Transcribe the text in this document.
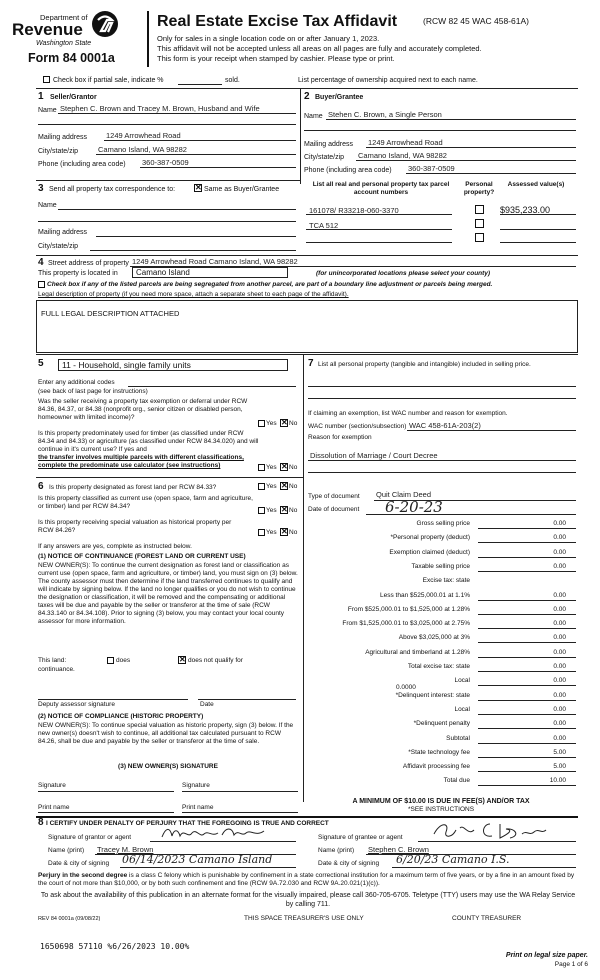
Department of
Revenue
Washington State
Form 84 0001a
Real Estate Excise Tax Affidavit	(RCW 82 45 WAC 458-61A)
Only for sales in a single location code on or after January 1, 2023.
This affidavit will not be accepted unless all areas on all pages are fully and accurately completed.
This form is your receipt when stamped by cashier. Please type or print.
Check box if partial sale, indicate %	sold.	List percentage of ownership acquired next to each name.
1 Seller/Grantor
Name Stephen C. Brown and Tracey M. Brown, Husband and Wife
Mailing address	1249 Arrowhead Road
City/state/zip	Camano Island, WA 98282
Phone (including area code) 360-387-0509
2 Buyer/Grantee
Name Stehen C. Brown, a Single Person
Mailing address 1249 Arrowhead Road
City/state/zip Camano Island, WA 98282
Phone (including area code) 360-387-0509
3 Send all property tax correspondence to: ✕ Same as Buyer/Grantee
Name
Mailing address
City/state/zip
List all real and personal property tax parcel account numbers
Personal property?
Assessed value(s)
161078/ R33218-060-3370	$935,233.00
TCA 512
4 Street address of property 1249 Arrowhead Road Camano Island, WA 98282
This property is located in Camano Island	(for unincorporated locations please select your county)
Check box if any of the listed parcels are being segregated from another parcel, are part of a boundary line adjustment or parcels being merged.
Legal description of property (if you need more space, attach a separate sheet to each page of the affidavit).
FULL LEGAL DESCRIPTION ATTACHED
5 11 - Household, single family units
Enter any additional codes
(see back of last page for instructions)
Was the seller receiving a property tax exemption or deferral under RCW 84.36, 84.37, or 84.38 (nonprofit org., senior citizen or disabled person, homeowner with limited income)?
Yes ✕ No
Is this property predominately used for timber (as classified under RCW 84.34 and 84.33) or agriculture (as classified under RCW 84.34.020) and will continue in it's current use? If yes and
the transfer involves multiple parcels with different classifications, complete the predominate use calculator (see instructions)	Yes ✕ No
6 Is this property designated as forest land per RCW 84.33?	Yes ✕ No
Is this property classified as current use (open space, farm and agriculture, or timber) land per RCW 84.34?
Yes ✕ No
Is this property receiving special valuation as historical property per RCW 84.26?	Yes ✕ No
If any answers are yes, complete as instructed below.
(1) NOTICE OF CONTINUANCE (FOREST LAND OR CURRENT USE)
NEW OWNER(S): To continue the current designation as forest land or classification as current use (open space, farm and agriculture, or timber) land, you must sign on (3) below. The county assessor must then determine if the land transferred continues to qualify and will indicate by signing below. If the land no longer qualifies or you do not wish to continue the designation or classification, it will be removed and the compensating or additional taxes will be due and payable by the seller or transferor at the time of sale (RCW 84.33.140 or 84.34.108). Prior to signing (3) below, you may contact your local county assessor for more information.
This land:	does	✕ does not qualify for
continuance.
Deputy assessor signature	Date
(2) NOTICE OF COMPLIANCE (HISTORIC PROPERTY)
NEW OWNER(S): To continue special valuation as historic property, sign (3) below. If the new owner(s) doesn't wish to continue, all additional tax calculated pursuant to RCW 84.26, shall be due and payable by the seller or transferor at the time of sale.
(3) NEW OWNER(S) SIGNATURE
Signature	Signature
Print name	Print name
7 List all personal property (tangible and intangible) included in selling price.
If claiming an exemption, list WAC number and reason for exemption.
WAC number (section/subsection) WAC 458-61A-203(2)
Reason for exemption
Dissolution of Marriage / Court Decree
Type of document Quit Claim Deed
Date of document 6-20-23
Gross selling price	0.00
*Personal property (deduct)	0.00
Exemption claimed (deduct)	0.00
Taxable selling price	0.00
Excise tax: state
Less than $525,000.01 at 1.1%	0.00
From $525,000.01 to $1,525,000 at 1.28%	0.00
From $1,525,000.01 to $3,025,000 at 2.75%	0.00
Above $3,025,000 at 3%	0.00
Agricultural and timberland at 1.28%	0.00
Total excise tax: state	0.00
Local	0.00
*Delinquent interest: state	0.00
Local	0.00
*Delinquent penalty	0.00
Subtotal	0.00
*State technology fee	5.00
Affidavit processing fee	5.00
Total due	10.00
0.0000
A MINIMUM OF $10.00 IS DUE IN FEE(S) AND/OR TAX
*SEE INSTRUCTIONS
8 I CERTIFY UNDER PENALTY OF PERJURY THAT THE FOREGOING IS TRUE AND CORRECT
Signature of grantor or agent
Name (print) Tracey M. Brown
Date & city of signing 06/14/2023 Camano Island
Signature of grantee or agent
Name (print) Stephen C. Brown
Date & city of signing 6/20/23 Camano I.S.
Perjury in the second degree is a class C felony which is punishable by confinement in a state correctional institution for a maximum term of five years, or by a fine in an amount fixed by the court of not more than $10,000, or by both such confinement and fine (RCW 9A.72.030 and RCW 9A.20.021(1)(c)).
To ask about the availability of this publication in an alternate format for the visually impaired, please call 360-705-6705. Teletype (TTY) users may use the WA Relay Service by calling 711.
REV 84 0001a (09/08/22)	THIS SPACE TREASURER'S USE ONLY	COUNTY TREASURER
1650698 57110 %6/26/2023 10.00%
Print on legal size paper.
Page 1 of 6
